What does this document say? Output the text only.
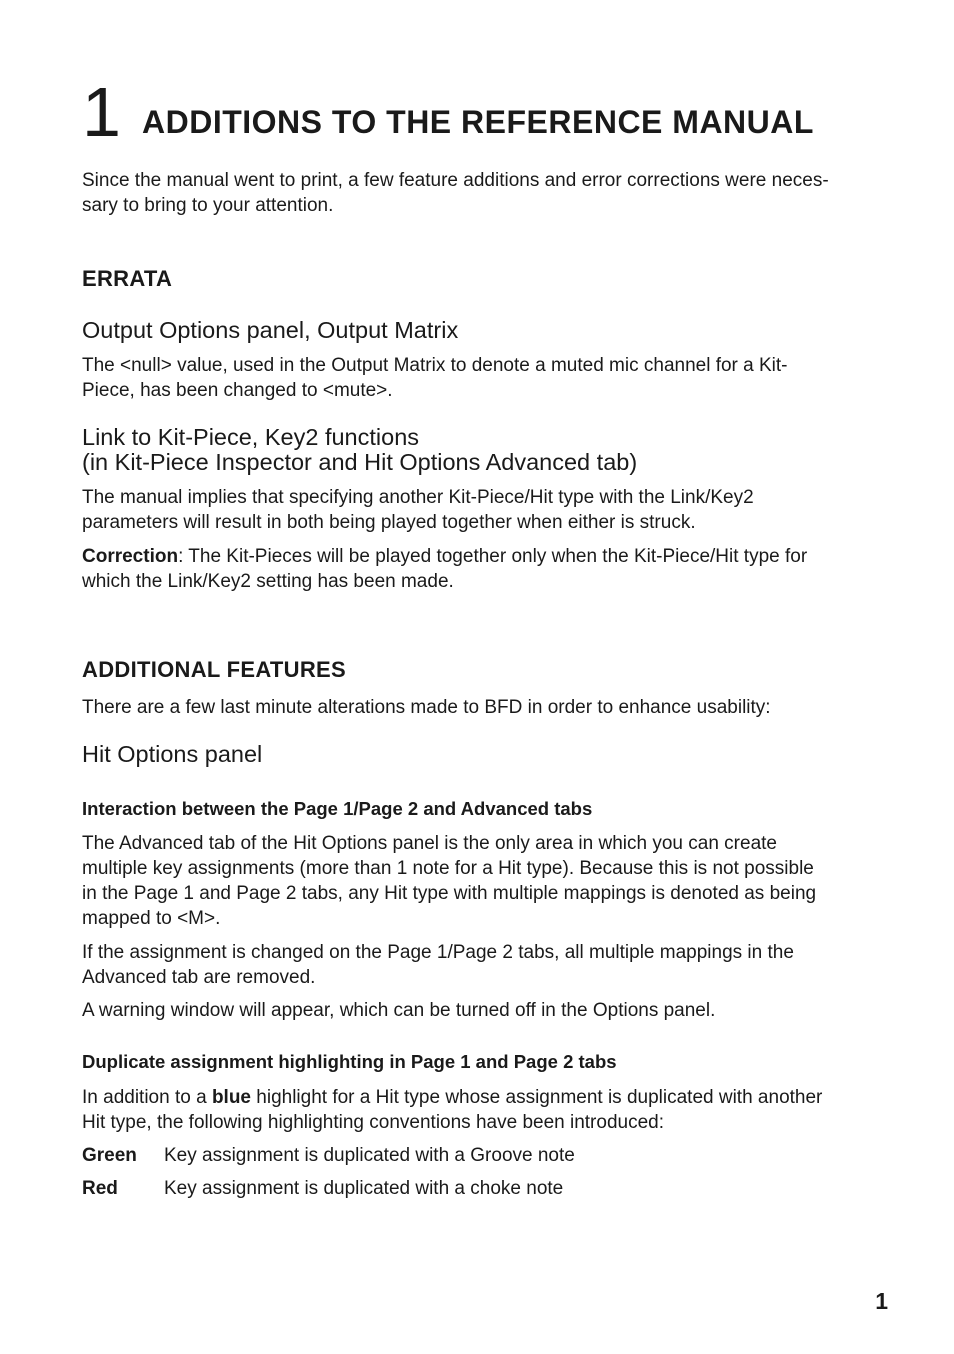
1 ADDITIONS TO THE REFERENCE MANUAL

Since the manual went to print, a few feature additions and error corrections were neces-

sary to bring to your attention.

ERRATA
Output Options panel, Output Matrix

The <null> value, used in the Output Matrix to denote a muted mic channel for a Kit-

Piece, has been changed to <mute>.

Link to Kit-Piece, Key2 functions
(in Kit-Piece Inspector and Hit Options Advanced tab)

The manual implies that specifying another Kit-Piece/Hit type with the Link/Key2

parameters will result in both being played together when either is struck.

Correction: The Kit-Pieces will be played together only when the Kit-Piece/Hit type for

which the Link/Key2 setting has been made.

ADDITIONAL FEATURES

There are a few last minute alterations made to BFD in order to enhance usability:

Hit Options panel
Interaction between the Page 1/Page 2 and Advanced tabs

The Advanced tab of the Hit Options panel is the only area in which you can create

multiple key assignments (more than 1 note for a Hit type). Because this is not possible

in the Page 1 and Page 2 tabs, any Hit type with multiple mappings is denoted as being

mapped to <M>.

If the assignment is changed on the Page 1/Page 2 tabs, all multiple mappings in the

Advanced tab are removed.

A warning window will appear, which can be turned off in the Options panel.

Duplicate assignment highlighting in Page 1 and Page 2 tabs

In addition to a blue highlight for a Hit type whose assignment is duplicated with another

Hit type, the following highlighting conventions have been introduced:

Green Key assignment is duplicated with a Groove note
Red Key assignment is duplicated with a choke note
1
